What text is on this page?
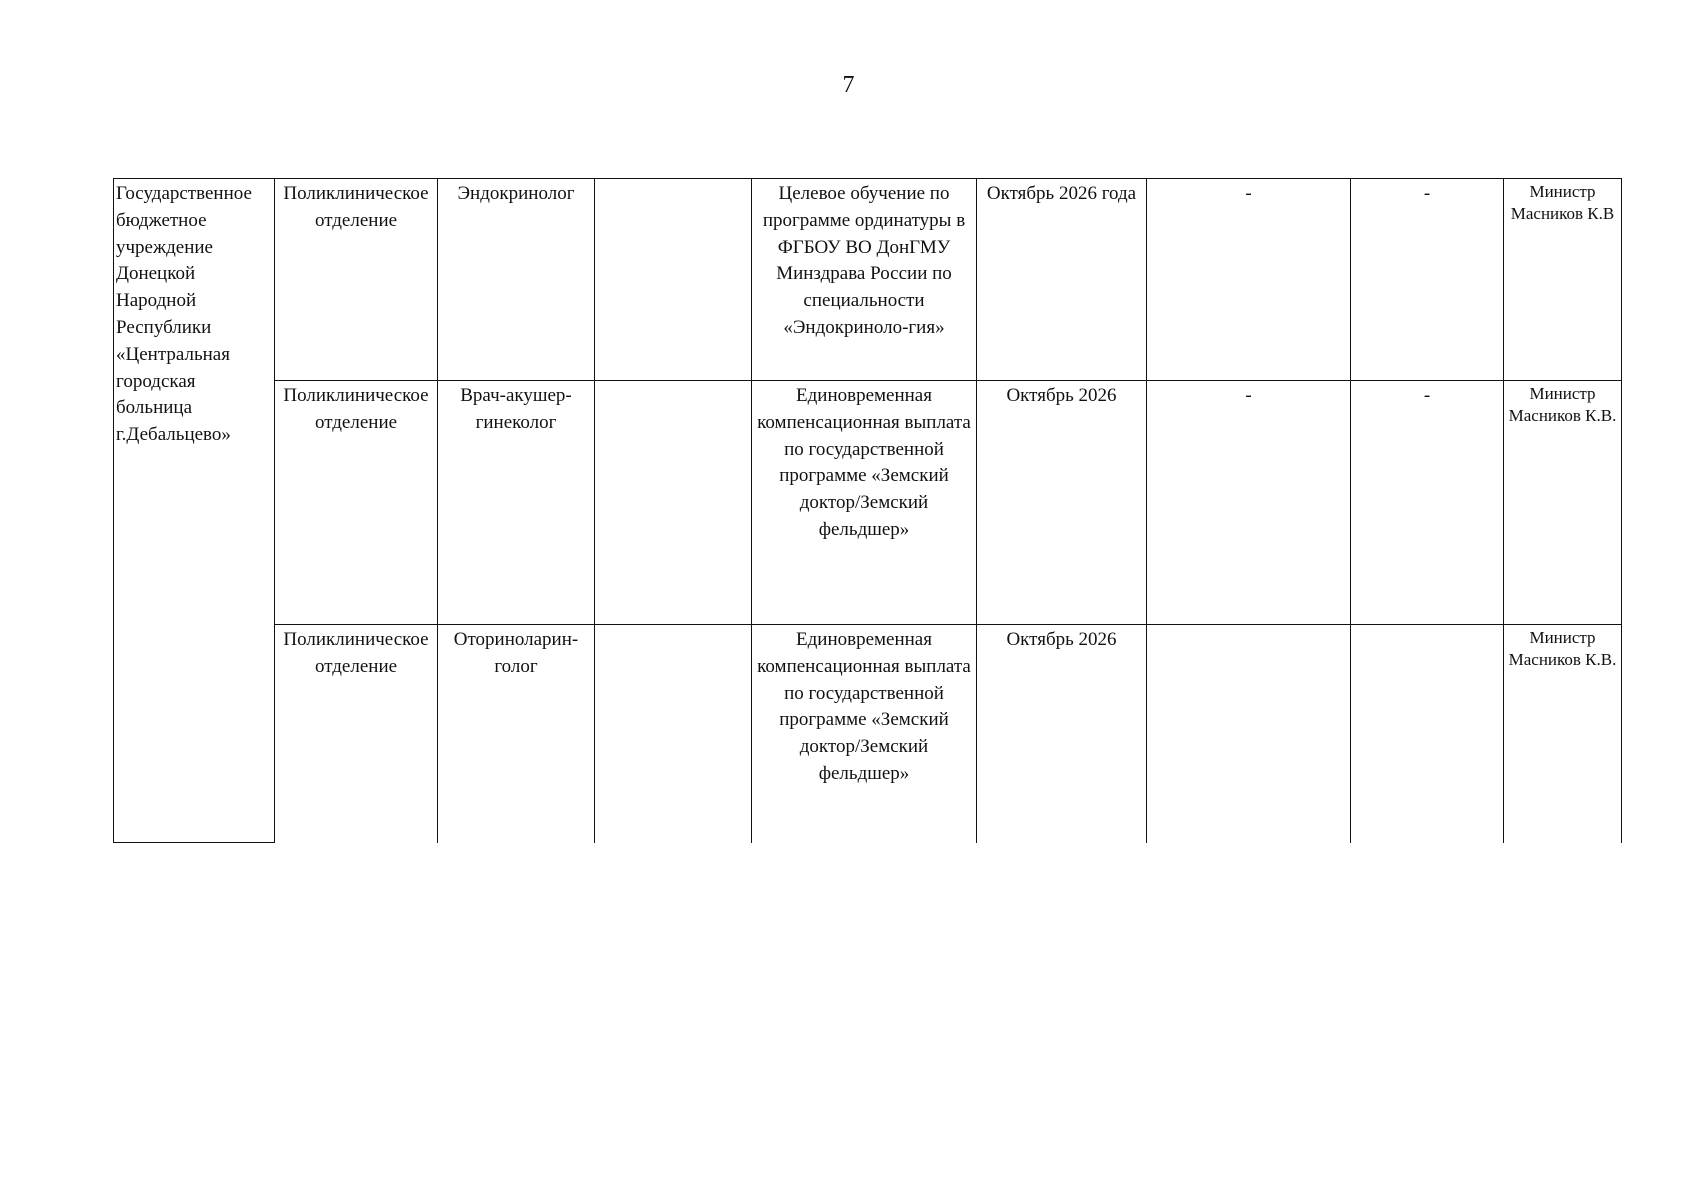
7
Государственное бюджетное учреждение Донецкой Народной Республики «Центральная городская больница г.Дебальцево»	Поликлиническое отделение	Эндокринолог		Целевое обучение по программе ординатуры в ФГБОУ ВО ДонГМУ Минздрава России по специальности «Эндокриноло-гия»	Октябрь 2026 года	-	-	Министр Масников К.В
	Поликлиническое отделение	Врач-акушер-гинеколог		Единовременная компенсационная выплата по государственной программе «Земский доктор/Земский фельдшер»	Октябрь 2026	-	-	Министр Масников К.В.
	Поликлиническое отделение	Оториноларин-голог		Единовременная компенсационная выплата по государственной программе «Земский доктор/Земский фельдшер»	Октябрь 2026			Министр Масников К.В.
